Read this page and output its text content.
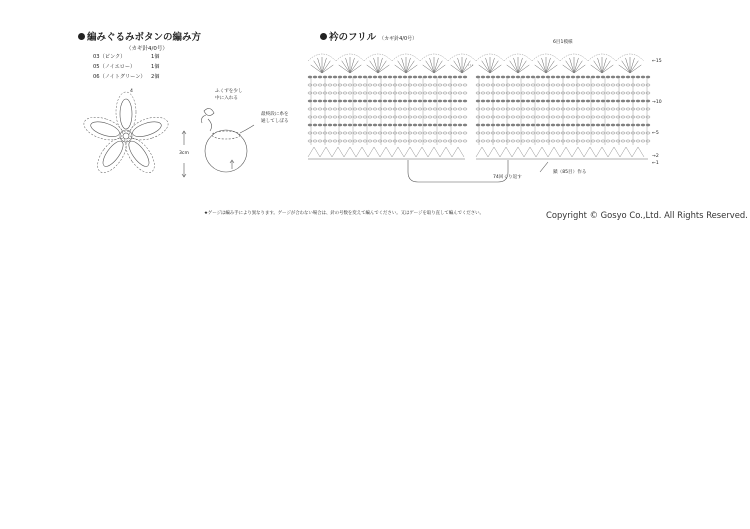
編みぐるみボタンの編み方
（カギ針4/0号）
03（ピンク）	1個
05（ノイエロー）	1個
06（ノイトグリーン） 2個
4	ふくずを少し
中に入れる
最終段に糸を
通してしぼる
3cm
衿のフリル （カギ針4/0号）
6目1模様
←15
→10
←5
→2
←1
74回くり返す
鎖（85目）作る
★ゲージは編み手により異なります。ゲージが合わない場合は、針の号数を変えて編んでください。又はゲージを取り直して編んでください。	Copyright © Gosyo Co.,Ltd. All Rights Reserved.
